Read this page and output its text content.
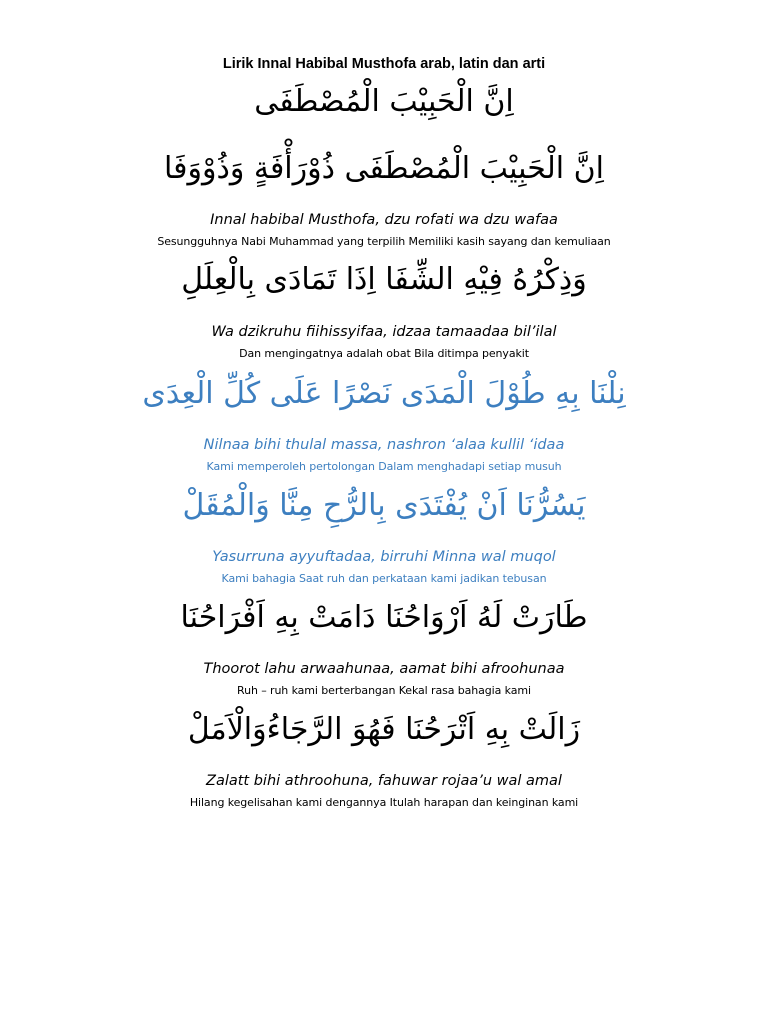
Lirik Innal Habibal Musthofa arab, latin dan arti
اِنَّ الْحَبِيْبَ الْمُصْطَفَى
اِنَّ الْحَبِيْبَ الْمُصْطَفَى ذُوْرَأْفَةٍ وَذُوْوَفَا
Innal habibal Musthofa, dzu rofati wa dzu wafaa
Sesungguhnya Nabi Muhammad yang terpilih Memiliki kasih sayang dan kemuliaan
وَذِكْرُهُ فِيْهِ الشِّفَا اِذَا تَمَادَى بِالْعِلَلِ
Wa dzikruhu fiihissyifaa, idzaa tamaadaa bil’ilal
Dan mengingatnya adalah obat Bila ditimpa penyakit
نِلْنَا بِهِ طُوْلَ الْمَدَى نَصْرًا عَلَى كُلِّ الْعِدَى
Nilnaa bihi thulal massa, nashron ‘alaa kullil ‘idaa
Kami memperoleh pertolongan Dalam menghadapi setiap musuh
يَسُرُّنَا اَنْ يُفْتَدَى بِالرُّحِ مِنَّا وَالْمُقَلْ
Yasurruna ayyuftadaa, birruhi Minna wal muqol
Kami bahagia Saat ruh dan perkataan kami jadikan tebusan
طَارَتْ لَهُ اَرْوَاحُنَا دَامَتْ بِهِ اَفْرَاحُنَا
Thoorot lahu arwaahunaa, aamat bihi afroohunaa
Ruh – ruh kami berterbangan Kekal rasa bahagia kami
زَالَتْ بِهِ اَتْرَحُنَا فَهُوَ الرَّجَاءُوَالْاَمَلْ
Zalatt bihi athroohuna, fahuwar rojaa’u wal amal
Hilang kegelisahan kami dengannya Itulah harapan dan keinginan kami
